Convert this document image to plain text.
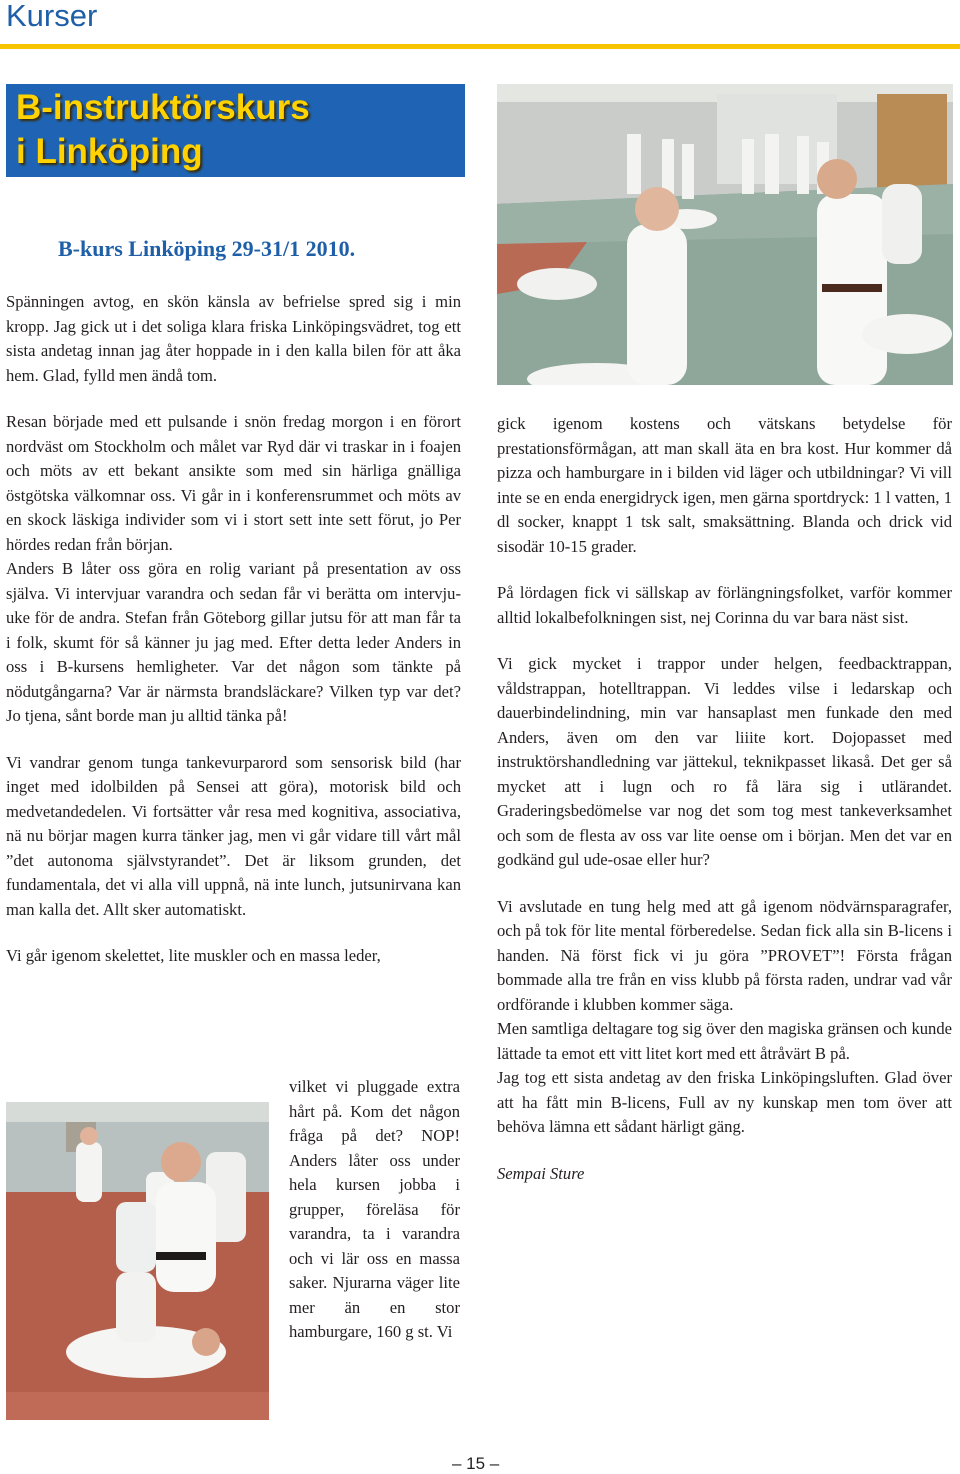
Kurser
B-instruktörskurs
i Linköping
B-kurs Linköping 29-31/1 2010.

Spänningen avtog, en skön känsla av befrielse spred sig i min kropp. Jag gick ut i det soliga klara friska Linköpingsvädret, tog ett sista andetag innan jag åter hoppade in i den kalla bilen för att åka hem. Glad, fylld men ändå tom.

Resan började med ett pulsande i snön fredag morgon i en förort nordväst om Stockholm och målet var Ryd där vi traskar in i foajen och möts av ett bekant ansikte som med sin härliga gnälliga östgötska välkomnar oss. Vi går in i konferensrummet och möts av en skock läskiga individer som vi i stort sett inte sett förut, jo Per hördes redan från början.

Anders B låter oss göra en rolig variant på presentation av oss själva. Vi intervjuar varandra och sedan får vi berätta om intervju-uke för de andra. Stefan från Göteborg gillar jutsu för att man får ta i folk, skumt för så känner ju jag med. Efter detta leder Anders in oss i B-kursens hemligheter. Var det någon som tänkte på nödutgångarna? Var är närmsta brandsläckare? Vilken typ var det? Jo tjena, sånt borde man ju alltid tänka på!

Vi vandrar genom tunga tankevurparord som sensorisk bild (har inget med idolbilden på Sensei att göra), motorisk bild och medvetandedelen. Vi fortsätter vår resa med kognitiva, associativa, nä nu börjar magen kurra tänker jag, men vi går vidare till vårt mål ”det autonoma självstyrandet”. Det är liksom grunden, det fundamentala, det vi alla vill uppnå, nä inte lunch, jutsunirvana kan man kalla det. Allt sker automatiskt.

Vi går igenom skelettet, lite muskler och en massa leder,

vilket vi pluggade extra hårt på. Kom det någon fråga på det? NOP! Anders låter oss under hela kursen jobba i grupper, föreläsa för varandra, ta i varandra och vi lär oss en massa saker. Njurarna väger lite mer än en stor hamburgare, 160 g st. Vi

gick igenom kostens och vätskans betydelse för prestationsförmågan, att man skall äta en bra kost. Hur kommer då pizza och hamburgare in i bilden vid läger och utbildningar? Vi vill inte se en enda energidryck igen, men gärna sportdryck: 1 l vatten, 1 dl socker, knappt 1 tsk salt, smaksättning. Blanda och drick vid sisodär 10-15 grader.

På lördagen fick vi sällskap av förlängningsfolket, varför kommer alltid lokalbefolkningen sist, nej Corinna du var bara näst sist.

Vi gick mycket i trappor under helgen, feedbacktrappan, våldstrappan, hotelltrappan. Vi leddes vilse i ledarskap och dauerbindelindning, min var hansaplast men funkade den med Anders, även om den var liiite kort. Dojopasset med instruktörshandledning var jättekul, teknikpasset likaså. Det ger så mycket att i lugn och ro få lära sig i utlärandet. Graderingsbedömelse var nog det som tog mest tankeverksamhet och som de flesta av oss var lite oense om i början. Men det var en godkänd gul ude-osae eller hur?

Vi avslutade en tung helg med att gå igenom nödvärnsparagrafer, och på tok för lite mental förberedelse. Sedan fick alla sin B-licens i handen. Nä först fick vi ju göra ”PROVET”! Första frågan bommade alla tre från en viss klubb på första raden, undrar vad vår ordförande i klubben kommer säga.

Men samtliga deltagare tog sig över den magiska gränsen och kunde lättade ta emot ett vitt litet kort med ett åtråvärt B på.

Jag tog ett sista andetag av den friska Linköpingsluften. Glad över att ha fått min B-licens, Full av ny kunskap men tom över att behöva lämna ett sådant härligt gäng.

Sempai Sture

– 15 –
